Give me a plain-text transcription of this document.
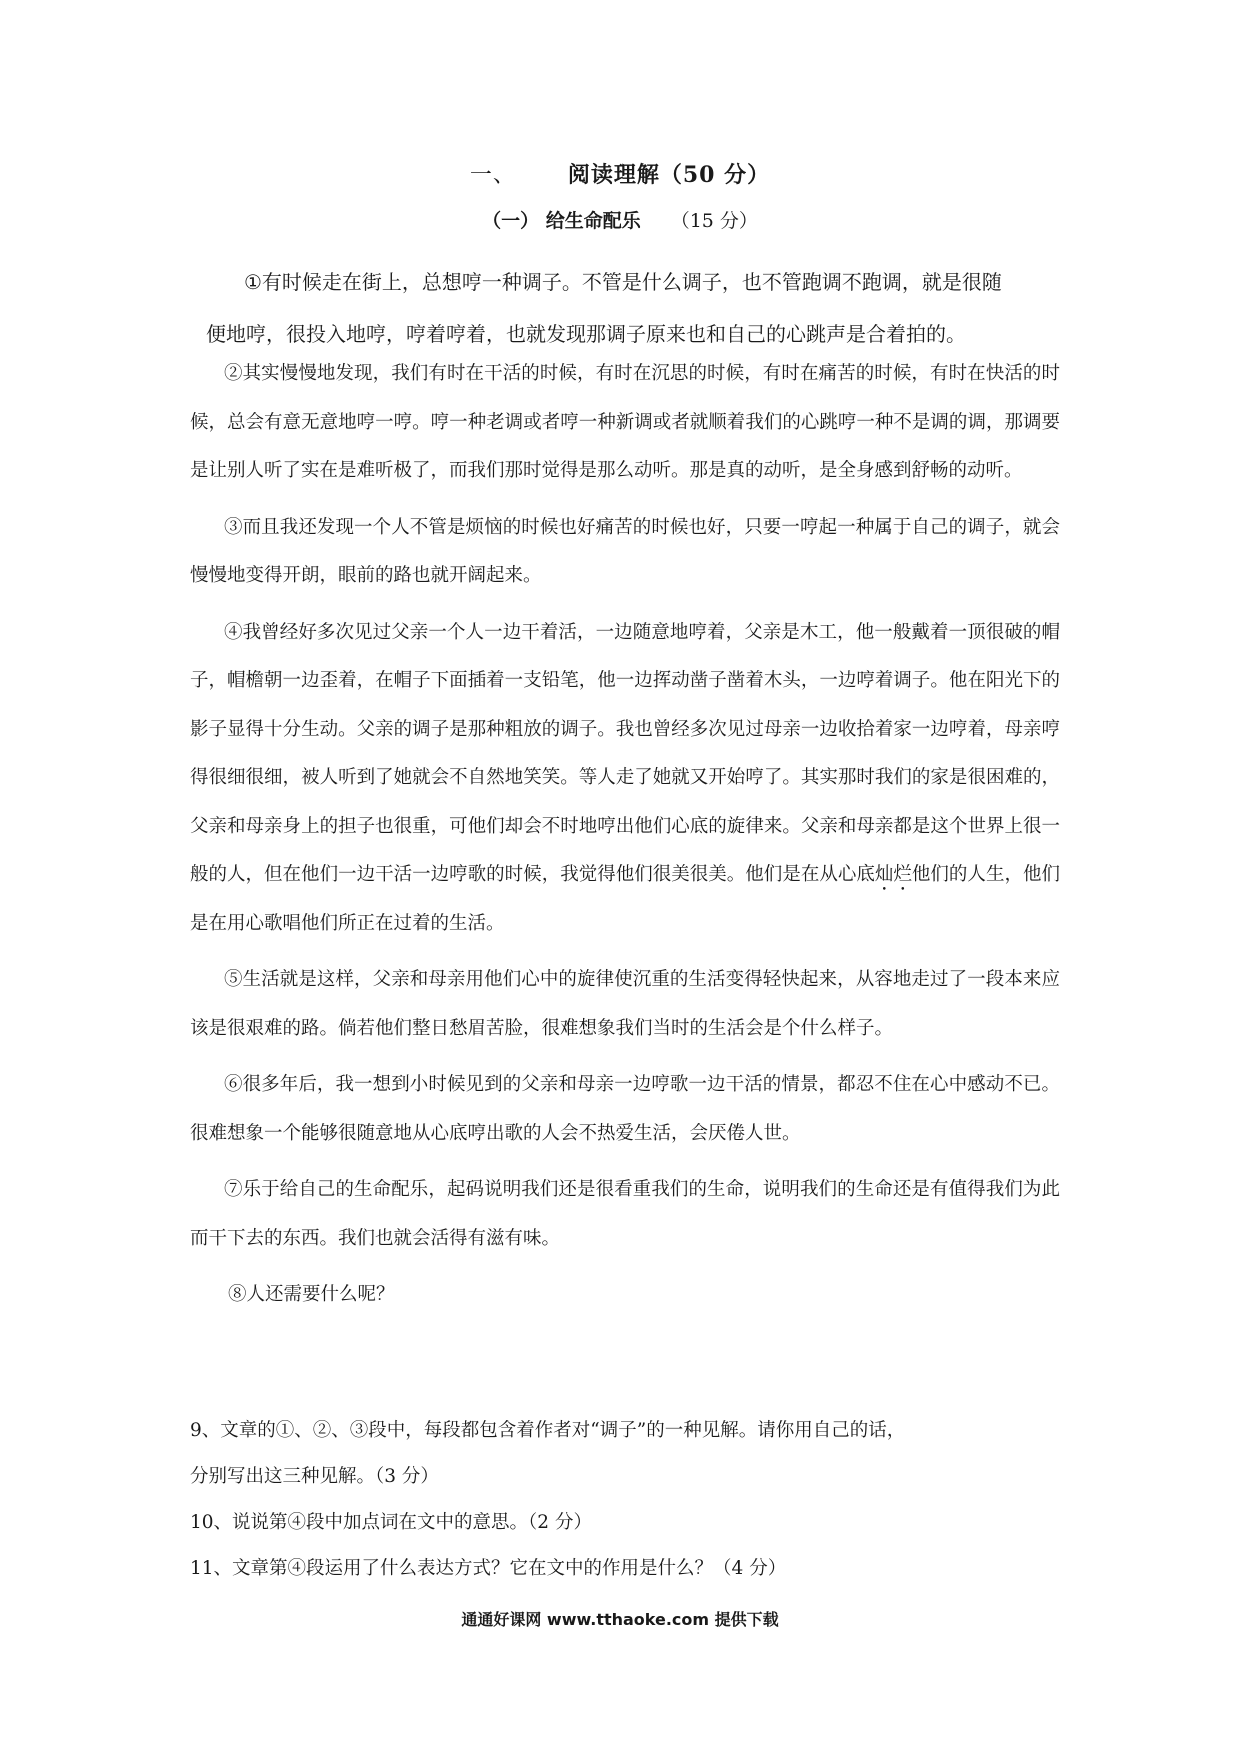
一、 阅读理解（50 分）
（一） 给生命配乐 （15 分）
①有时候走在街上，总想哼一种调子。不管是什么调子，也不管跑调不跑调，就是很随
便地哼，很投入地哼，哼着哼着，也就发现那调子原来也和自己的心跳声是合着拍的。

②其实慢慢地发现，我们有时在干活的时候，有时在沉思的时候，有时在痛苦的时候，有时在快活的时候，总会有意无意地哼一哼。哼一种老调或者哼一种新调或者就顺着我们的心跳哼一种不是调的调，那调要是让别人听了实在是难听极了，而我们那时觉得是那么动听。那是真的动听，是全身感到舒畅的动听。

③而且我还发现一个人不管是烦恼的时候也好痛苦的时候也好，只要一哼起一种属于自己的调子，就会慢慢地变得开朗，眼前的路也就开阔起来。

④我曾经好多次见过父亲一个人一边干着活，一边随意地哼着，父亲是木工，他一般戴着一顶很破的帽子，帽檐朝一边歪着，在帽子下面插着一支铅笔，他一边挥动凿子凿着木头，一边哼着调子。他在阳光下的影子显得十分生动。父亲的调子是那种粗放的调子。我也曾经多次见过母亲一边收拾着家一边哼着，母亲哼得很细很细，被人听到了她就会不自然地笑笑。等人走了她就又开始哼了。其实那时我们的家是很困难的，父亲和母亲身上的担子也很重，可他们却会不时地哼出他们心底的旋律来。父亲和母亲都是这个世界上很一般的人，但在他们一边干活一边哼歌的时候，我觉得他们很美很美。他们是在从心底灿烂他们的人生，他们是在用心歌唱他们所正在过着的生活。

⑤生活就是这样，父亲和母亲用他们心中的旋律使沉重的生活变得轻快起来，从容地走过了一段本来应该是很艰难的路。倘若他们整日愁眉苦脸，很难想象我们当时的生活会是个什么样子。

⑥很多年后，我一想到小时候见到的父亲和母亲一边哼歌一边干活的情景，都忍不住在心中感动不已。很难想象一个能够很随意地从心底哼出歌的人会不热爱生活，会厌倦人世。

⑦乐于给自己的生命配乐，起码说明我们还是很看重我们的生命，说明我们的生命还是有值得我们为此而干下去的东西。我们也就会活得有滋有味。

⑧人还需要什么呢？

9、文章的①、②、③段中，每段都包含着作者对“调子”的一种见解。请你用自己的话，

分别写出这三种见解。（3 分）

10、说说第④段中加点词在文中的意思。（2 分）

11、文章第④段运用了什么表达方式？它在文中的作用是什么？（4 分）

通通好课网 www.tthaoke.com 提供下载
